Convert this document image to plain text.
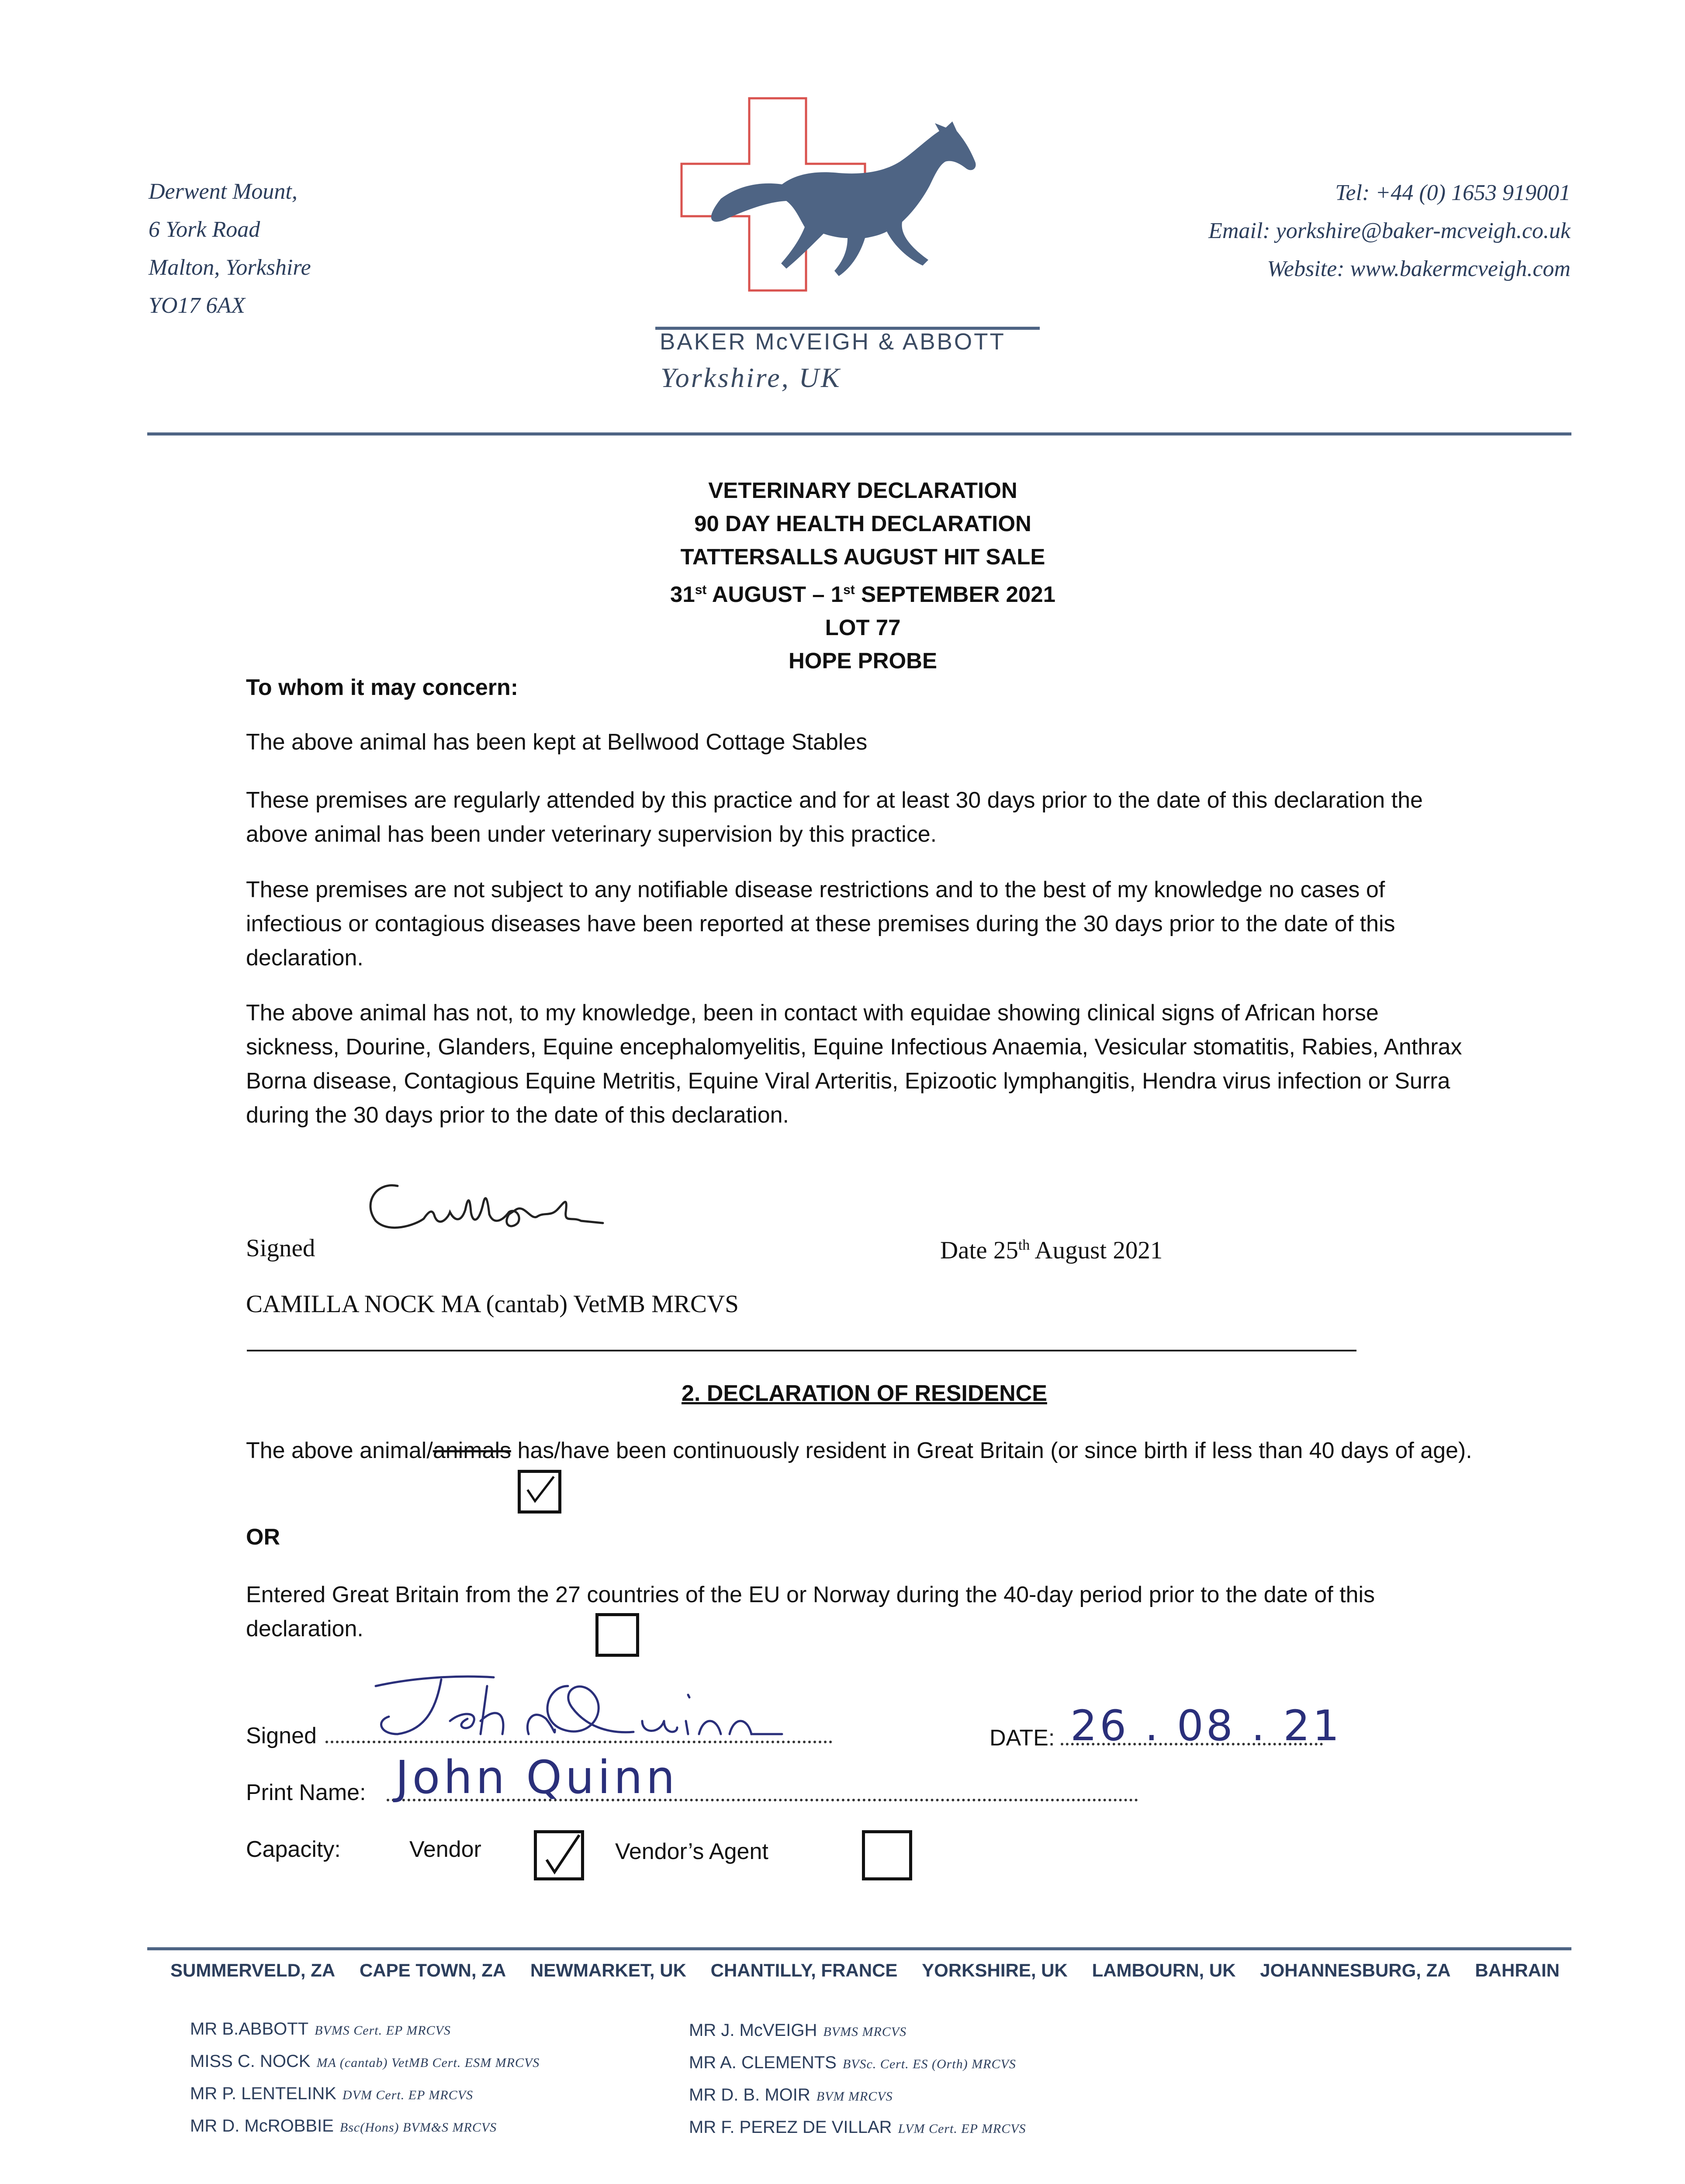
Derwent Mount,
6 York Road
Malton, Yorkshire
YO17 6AX
Tel: +44 (0) 1653 919001
Email: yorkshire@baker-mcveigh.co.uk
Website: www.bakermcveigh.com
BAKER McVEIGH & ABBOTT
Yorkshire, UK
VETERINARY DECLARATION
90 DAY HEALTH DECLARATION
TATTERSALLS AUGUST HIT SALE
31st AUGUST – 1st SEPTEMBER 2021
LOT 77
HOPE PROBE
To whom it may concern:
The above animal has been kept at Bellwood Cottage Stables
These premises are regularly attended by this practice and for at least 30 days prior to the date of this declaration the above animal has been under veterinary supervision by this practice.
These premises are not subject to any notifiable disease restrictions and to the best of my knowledge no cases of infectious or contagious diseases have been reported at these premises during the 30 days prior to the date of this declaration.
The above animal has not, to my knowledge, been in contact with equidae showing clinical signs of African horse sickness, Dourine, Glanders, Equine encephalomyelitis, Equine Infectious Anaemia, Vesicular stomatitis, Rabies, Anthrax Borna disease, Contagious Equine Metritis, Equine Viral Arteritis, Epizootic lymphangitis, Hendra virus infection or Surra during the 30 days prior to the date of this declaration.
Signed	Date 25th August 2021
CAMILLA NOCK MA (cantab) VetMB MRCVS
2. DECLARATION OF RESIDENCE
The above animal/animals has/have been continuously resident in Great Britain (or since birth if less than 40 days of age).
OR
Entered Great Britain from the 27 countries of the EU or Norway during the 40-day period prior to the date of this declaration.
Signed	DATE: 26 . 08 . 21
Print Name: John Quinn
Capacity:	Vendor	Vendor’s Agent
SUMMERVELD, ZA CAPE TOWN, ZA NEWMARKET, UK CHANTILLY, FRANCE YORKSHIRE, UK LAMBOURN, UK JOHANNESBURG, ZA BAHRAIN
MR B.ABBOTT BVMS Cert. EP MRCVS
MISS C. NOCK MA (cantab) VetMB Cert. ESM MRCVS
MR P. LENTELINK DVM Cert. EP MRCVS
MR D. McROBBIE Bsc(Hons) BVM&S MRCVS
MR J. McVEIGH BVMS MRCVS
MR A. CLEMENTS BVSc. Cert. ES (Orth) MRCVS
MR D. B. MOIR BVM MRCVS
MR F. PEREZ DE VILLAR LVM Cert. EP MRCVS
